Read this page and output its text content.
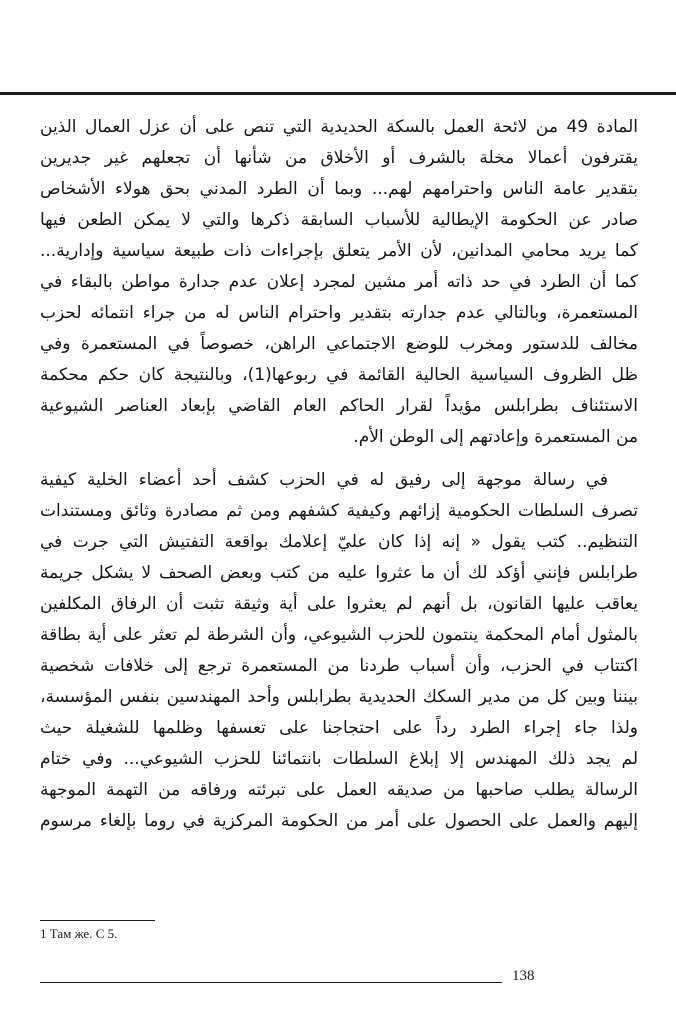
المادة 49 من لائحة العمل بالسكة الحديدية التي تنص على أن عزل العمال الذين
يقترفون أعمالا مخلة بالشرف أو الأخلاق من شأنها أن تجعلهم غير جديرين
بتقدير عامة الناس واحترامهم لهم... وبما أن الطرد المدني بحق هولاء الأشخاص
صادر عن الحكومة الإيطالية للأسباب السابقة ذكرها والتي لا يمكن الطعن فيها
كما يريد محامي المدانين، لأن الأمر يتعلق بإجراءات ذات طبيعة سياسية وإدارية...
كما أن الطرد في حد ذاته أمر مشين لمجرد إعلان عدم جدارة مواطن بالبقاء في
المستعمرة، وبالتالي عدم جدارته بتقدير واحترام الناس له من جراء انتمائه لحزب
مخالف للدستور ومخرب للوضع الاجتماعي الراهن، خصوصاً في المستعمرة وفي
ظل الظروف السياسية الحالية القائمة في ربوعها(1)، وبالنتيجة كان حكم محكمة
الاستئناف بطرابلس مؤيداً لقرار الحاكم العام القاضي بإبعاد العناصر الشيوعية
من المستعمرة وإعادتهم إلى الوطن الأم.
في رسالة موجهة إلى رفيق له في الحزب كشف أحد أعضاء الخلية كيفية
تصرف السلطات الحكومية إزائهم وكيفية كشفهم ومن ثم مصادرة وثائق ومستندات
التنظيم.. كتب يقول « إنه إذا كان عليّ إعلامك بواقعة التفتيش التي جرت في
طرابلس فإنني أؤكد لك أن ما عثروا عليه من كتب وبعض الصحف لا يشكل جريمة
يعاقب عليها القانون، بل أنهم لم يعثروا على أية وثيقة تثبت أن الرفاق المكلفين
بالمثول أمام المحكمة ينتمون للحزب الشيوعي، وأن الشرطة لم تعثر على أية بطاقة
اكتتاب في الحزب، وأن أسباب طردنا من المستعمرة ترجع إلى خلافات شخصية
بيننا وبين كل من مدير السكك الحديدية بطرابلس وأحد المهندسين بنفس المؤسسة،
ولذا جاء إجراء الطرد رداً على احتجاجنا على تعسفها وظلمها للشغيلة حيث
لم يجد ذلك المهندس إلا إبلاغ السلطات بانتمائنا للحزب الشيوعي... وفي ختام
الرسالة يطلب صاحبها من صديقه العمل على تبرئته ورفاقه من التهمة الموجهة
إليهم والعمل على الحصول على أمر من الحكومة المركزية في روما بإلغاء مرسوم
1 Там же. С 5.
138
